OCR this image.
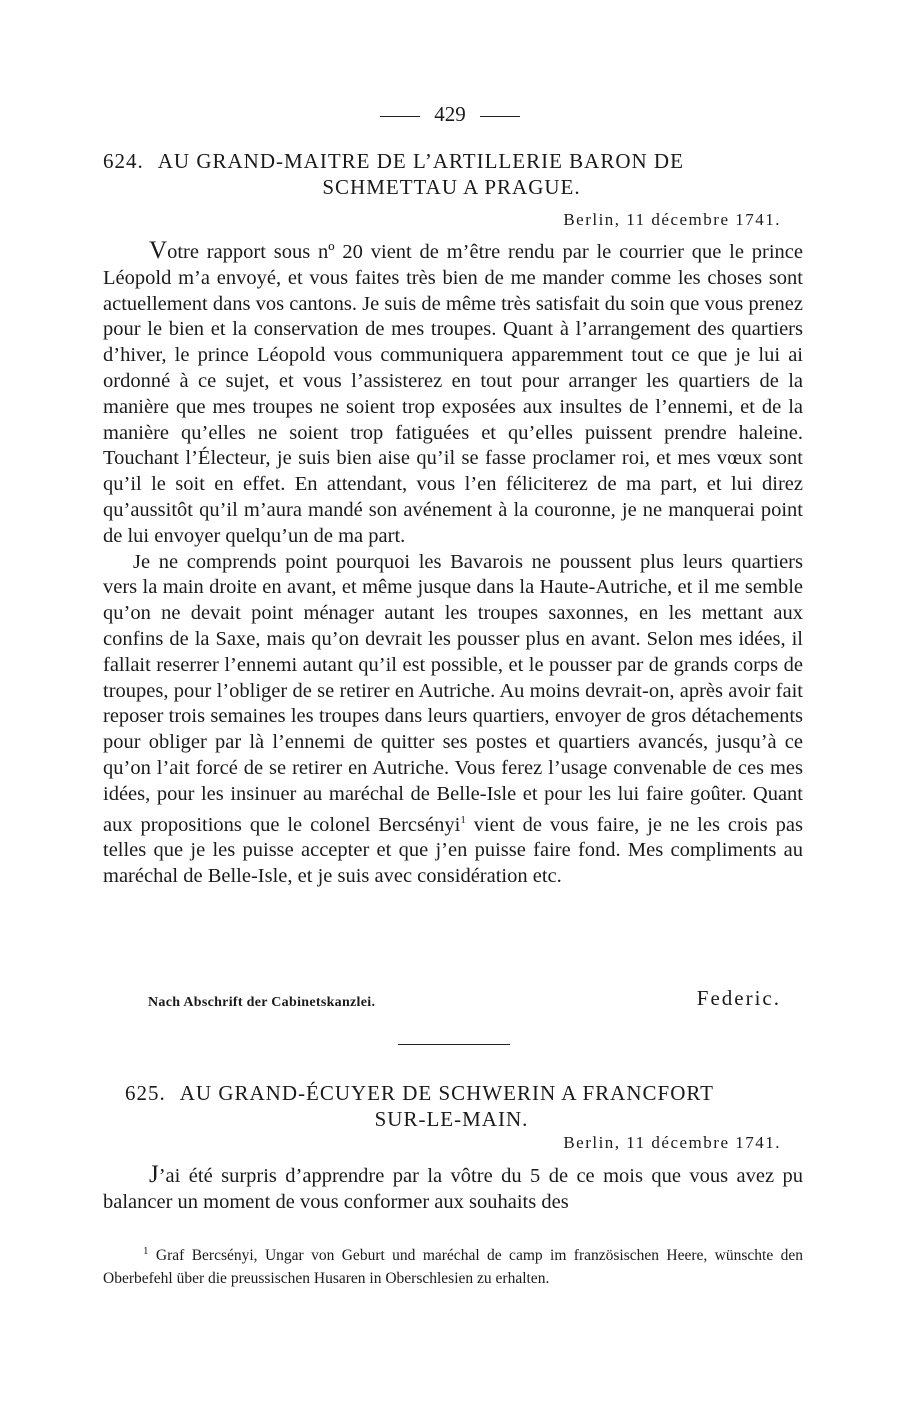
429
624. AU GRAND-MAITRE DE L’ARTILLERIE BARON DE
SCHMETTAU A PRAGUE.
Berlin, 11 décembre 1741.

Votre rapport sous nº 20 vient de m’être rendu par le courrier que le prince Léopold m’a envoyé, et vous faites très bien de me mander comme les choses sont actuellement dans vos cantons. Je suis de même très satisfait du soin que vous prenez pour le bien et la conservation de mes troupes. Quant à l’arrangement des quartiers d’hiver, le prince Léopold vous communiquera apparemment tout ce que je lui ai ordonné à ce sujet, et vous l’assisterez en tout pour arranger les quartiers de la manière que mes troupes ne soient trop exposées aux insultes de l’ennemi, et de la manière qu’elles ne soient trop fatiguées et qu’elles puissent prendre haleine. Touchant l’Électeur, je suis bien aise qu’il se fasse proclamer roi, et mes vœux sont qu’il le soit en effet. En attendant, vous l’en féliciterez de ma part, et lui direz qu’aussitôt qu’il m’aura mandé son avénement à la couronne, je ne manquerai point de lui envoyer quelqu’un de ma part.

Je ne comprends point pourquoi les Bavarois ne poussent plus leurs quartiers vers la main droite en avant, et même jusque dans la Haute-Autriche, et il me semble qu’on ne devait point ménager autant les troupes saxonnes, en les mettant aux confins de la Saxe, mais qu’on devrait les pousser plus en avant. Selon mes idées, il fallait reserrer l’ennemi autant qu’il est possible, et le pousser par de grands corps de troupes, pour l’obliger de se retirer en Autriche. Au moins devrait-on, après avoir fait reposer trois semaines les troupes dans leurs quartiers, envoyer de gros détachements pour obliger par là l’ennemi de quitter ses postes et quartiers avancés, jusqu’à ce qu’on l’ait forcé de se retirer en Autriche. Vous ferez l’usage convenable de ces mes idées, pour les insinuer au maréchal de Belle-Isle et pour les lui faire goûter. Quant aux propositions que le colonel Bercsényi$^1$ vient de vous faire, je ne les crois pas telles que je les puisse accepter et que j’en puisse faire fond. Mes compliments au maréchal de Belle-Isle, et je suis avec considération etc.

Nach Abschrift der Cabinetskanzlei.	Federic.
625. AU GRAND-ÉCUYER DE SCHWERIN A FRANCFORT
SUR-LE-MAIN.
Berlin, 11 décembre 1741.

J’ai été surpris d’apprendre par la vôtre du 5 de ce mois que vous avez pu balancer un moment de vous conformer aux souhaits des

$^1$ Graf Bercsényi, Ungar von Geburt und maréchal de camp im französischen Heere, wünschte den Oberbefehl über die preussischen Husaren in Oberschlesien zu erhalten.
